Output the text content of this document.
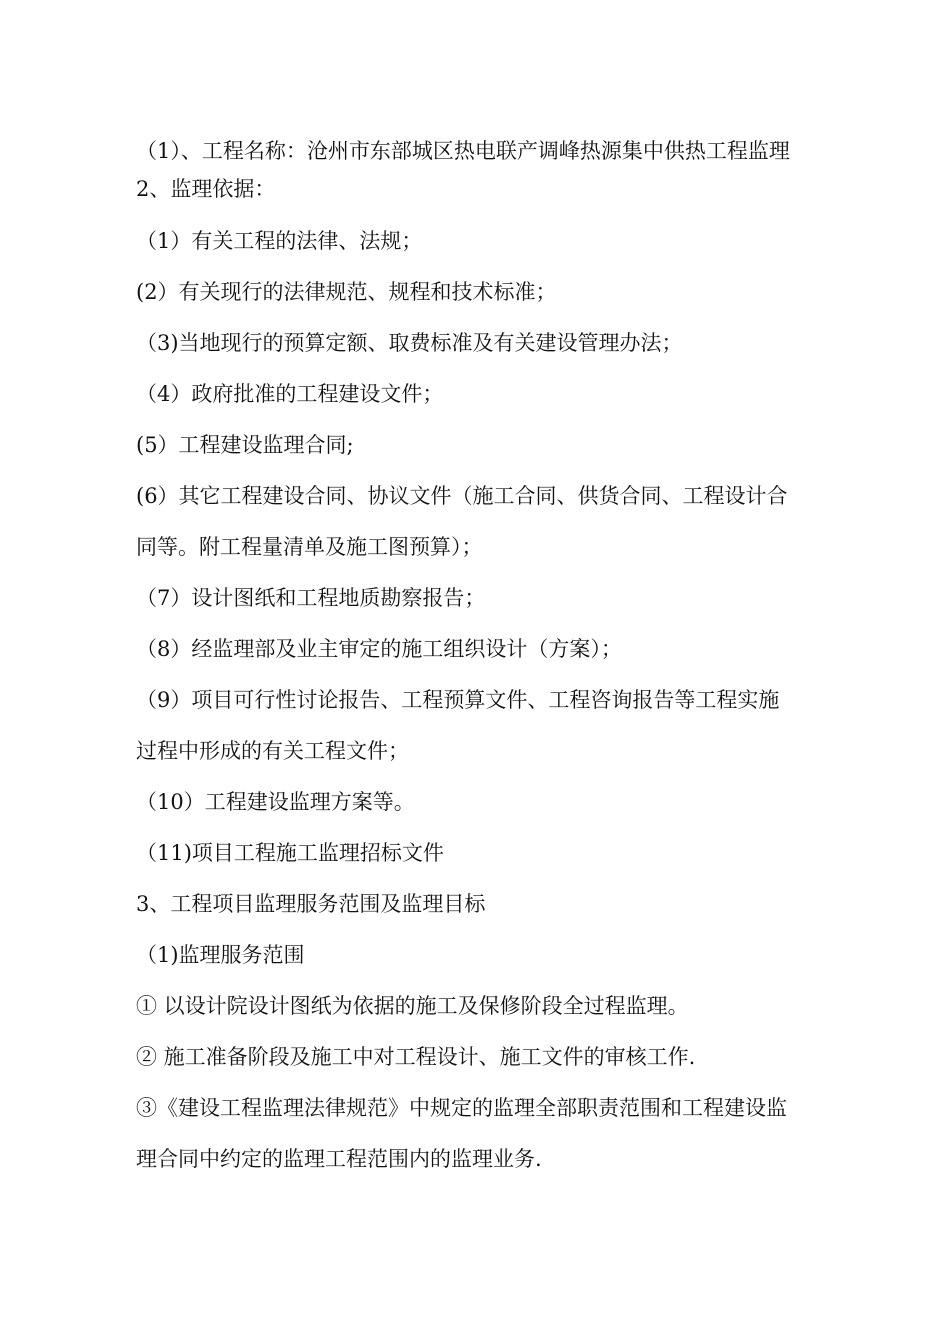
（1）、工程名称：沧州市东部城区热电联产调峰热源集中供热工程监理
2、监理依据：
（1）有关工程的法律、法规；
(2）有关现行的法律规范、规程和技术标准；
（3)当地现行的预算定额、取费标准及有关建设管理办法；
（4）政府批准的工程建设文件；
(5）工程建设监理合同;
(6）其它工程建设合同、协议文件（施工合同、供货合同、工程设计合
同等。附工程量清单及施工图预算）；
（7）设计图纸和工程地质勘察报告；
（8）经监理部及业主审定的施工组织设计（方案）；
（9）项目可行性讨论报告、工程预算文件、工程咨询报告等工程实施
过程中形成的有关工程文件；
（10）工程建设监理方案等。
（11)项目工程施工监理招标文件
3、工程项目监理服务范围及监理目标
（1)监理服务范围
① 以设计院设计图纸为依据的施工及保修阶段全过程监理。
② 施工准备阶段及施工中对工程设计、施工文件的审核工作.
③《建设工程监理法律规范》中规定的监理全部职责范围和工程建设监
理合同中约定的监理工程范围内的监理业务.
